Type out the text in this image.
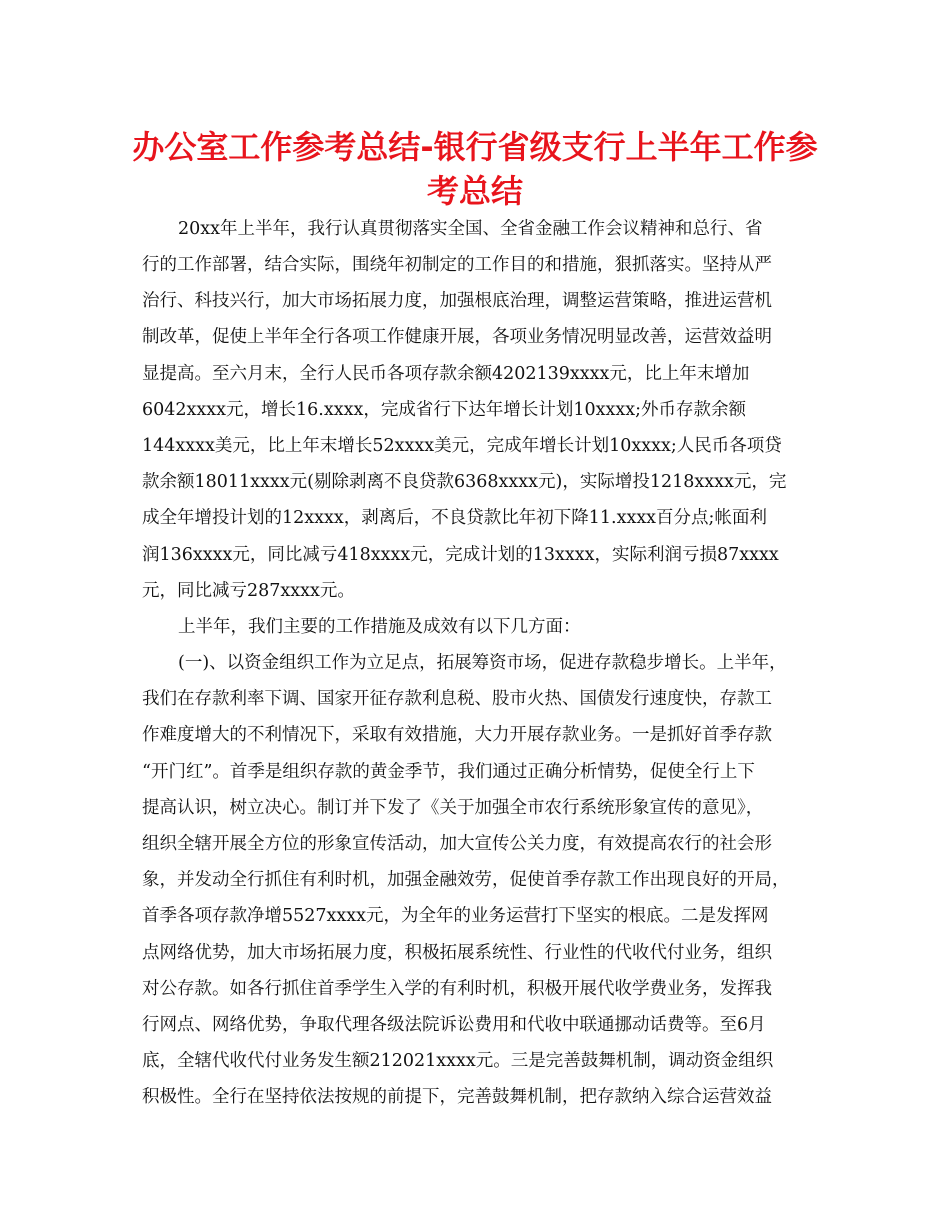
办公室工作参考总结-银行省级支行上半年工作参
考总结

20xx年上半年，我行认真贯彻落实全国、全省金融工作会议精神和总行、省

行的工作部署，结合实际，围绕年初制定的工作目的和措施，狠抓落实。坚持从严

治行、科技兴行，加大市场拓展力度，加强根底治理，调整运营策略，推进运营机

制改革，促使上半年全行各项工作健康开展，各项业务情况明显改善，运营效益明

显提高。至六月末，全行人民币各项存款余额4202139xxxx元，比上年末增加

6042xxxx元，增长16.xxxx，完成省行下达年增长计划10xxxx;外币存款余额

144xxxx美元，比上年末增长52xxxx美元，完成年增长计划10xxxx;人民币各项贷

款余额18011xxxx元(剔除剥离不良贷款6368xxxx元)，实际增投1218xxxx元，完

成全年增投计划的12xxxx，剥离后，不良贷款比年初下降11.xxxx百分点;帐面利

润136xxxx元，同比减亏418xxxx元，完成计划的13xxxx，实际利润亏损87xxxx

元，同比减亏287xxxx元。

上半年，我们主要的工作措施及成效有以下几方面：

(一)、以资金组织工作为立足点，拓展筹资市场，促进存款稳步增长。上半年，

我们在存款利率下调、国家开征存款利息税、股市火热、国债发行速度快，存款工

作难度增大的不利情况下，采取有效措施，大力开展存款业务。一是抓好首季存款

“开门红”。首季是组织存款的黄金季节，我们通过正确分析情势，促使全行上下

提高认识，树立决心。制订并下发了《关于加强全市农行系统形象宣传的意见》，

组织全辖开展全方位的形象宣传活动，加大宣传公关力度，有效提高农行的社会形

象，并发动全行抓住有利时机，加强金融效劳，促使首季存款工作出现良好的开局，

首季各项存款净增5527xxxx元，为全年的业务运营打下坚实的根底。二是发挥网

点网络优势，加大市场拓展力度，积极拓展系统性、行业性的代收代付业务，组织

对公存款。如各行抓住首季学生入学的有利时机，积极开展代收学费业务，发挥我

行网点、网络优势，争取代理各级法院诉讼费用和代收中联通挪动话费等。至6月

底，全辖代收代付业务发生额212021xxxx元。三是完善鼓舞机制，调动资金组织

积极性。全行在坚持依法按规的前提下，完善鼓舞机制，把存款纳入综合运营效益
